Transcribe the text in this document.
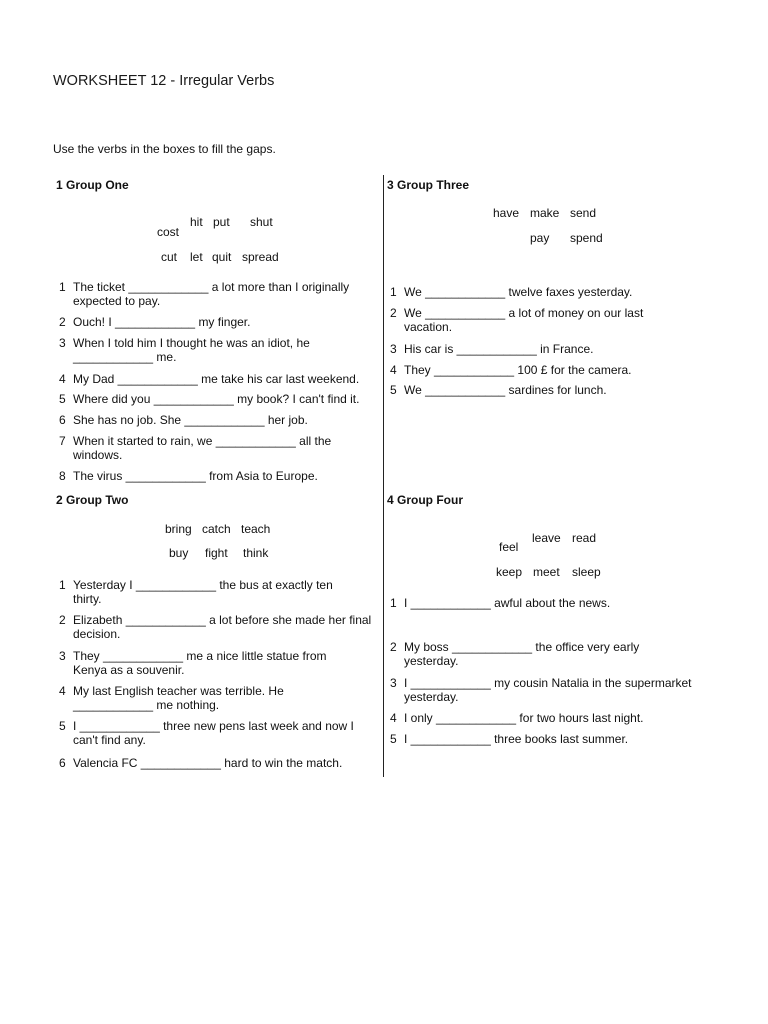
WORKSHEET 12 - Irregular Verbs
Use the verbs in the boxes to fill the gaps.
1 Group One
cost
hit put shut
cut let quit spread
1 The ticket ____________ a lot more than I originally expected to pay.
2 Ouch! I ____________ my finger.
3 When I told him I thought he was an idiot, he ____________ me.
4 My Dad ____________ me take his car last weekend.
5 Where did you ____________ my book? I can't find it.
6 She has no job. She ____________ her job.
7 When it started to rain, we ____________ all the windows.
8 The virus ____________ from Asia to Europe.
2 Group Two
bring catch teach
buy fight think
1 Yesterday I ____________ the bus at exactly ten thirty.
2 Elizabeth ____________ a lot before she made her final decision.
3 They ____________ me a nice little statue from Kenya as a souvenir.
4 My last English teacher was terrible. He ____________ me nothing.
5 I ____________ three new pens last week and now I can't find any.
6 Valencia FC ____________ hard to win the match.
3 Group Three
have make send
pay spend
1 We ____________ twelve faxes yesterday.
2 We ____________ a lot of money on our last vacation.
3 His car is ____________ in France.
4 They ____________ 100 £ for the camera.
5 We ____________ sardines for lunch.
4 Group Four
feel
leave read
keep meet sleep
1 I ____________ awful about the news.
2 My boss ____________ the office very early yesterday.
3 I ____________ my cousin Natalia in the supermarket yesterday.
4 I only ____________ for two hours last night.
5 I ____________ three books last summer.
